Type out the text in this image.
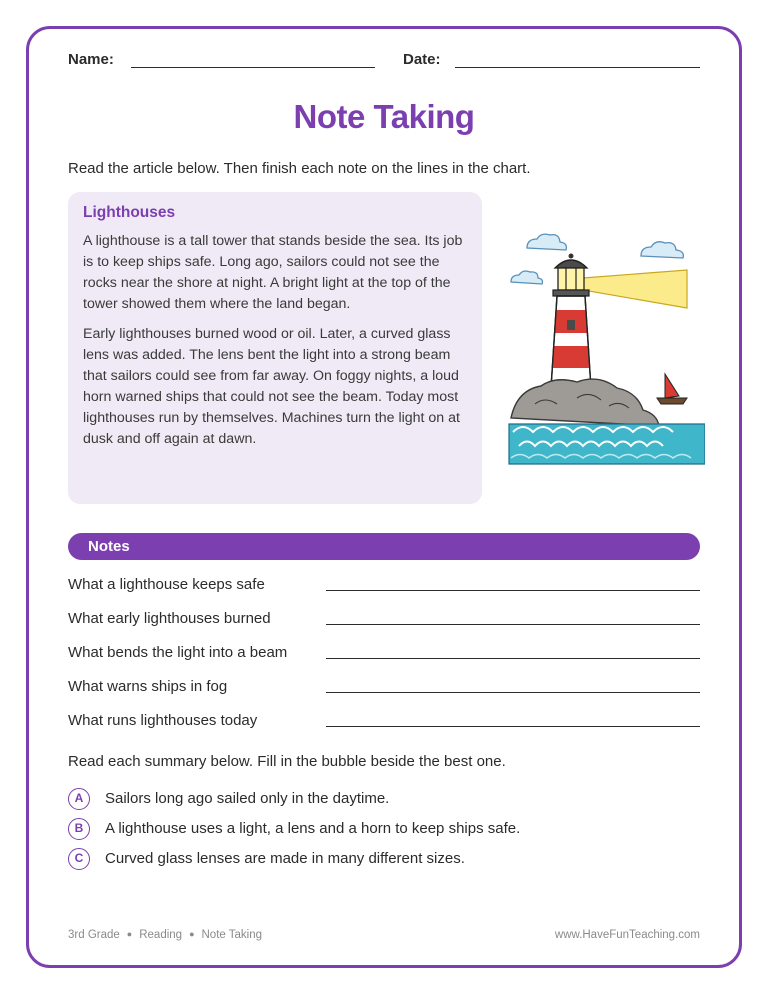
Name:	Date:
Note Taking
Read the article below. Then finish each note on the lines in the chart.
Lighthouses

A lighthouse is a tall tower that stands beside the sea. Its job is to keep ships safe. Long ago, sailors could not see the rocks near the shore at night. A bright light at the top of the tower showed them where the land began.

Early lighthouses burned wood or oil. Later, a curved glass lens was added. The lens bent the light into a strong beam that sailors could see from far away. On foggy nights, a loud horn warned ships that could not see the beam. Today most lighthouses run by themselves. Machines turn the light on at dusk and off again at dawn.

Notes
What a lighthouse keeps safe
What early lighthouses burned
What bends the light into a beam
What warns ships in fog
What runs lighthouses today
Read each summary below. Fill in the bubble beside the best one.
A	Sailors long ago sailed only in the daytime.
B	A lighthouse uses a light, a lens and a horn to keep ships safe.
C	Curved glass lenses are made in many different sizes.
3rd Grade ● Reading ● Note Taking	www.HaveFunTeaching.com
